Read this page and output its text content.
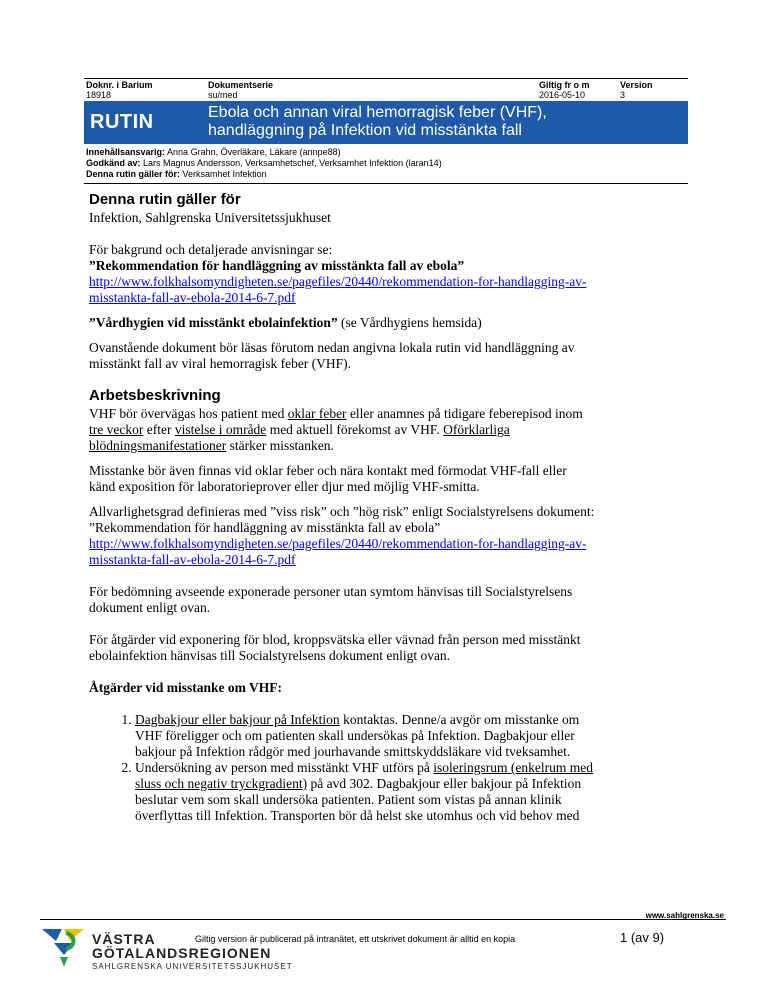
Doknr. i Barium
18918
Dokumentserie
su/med
Giltig fr o m
2016-05-10
Version
3
RUTIN	Ebola och annan viral hemorragisk feber (VHF),
handläggning på Infektion vid misstänkta fall
Innehållsansvarig: Anna Grahn, Överläkare, Läkare (annpe88)
Godkänd av: Lars Magnus Andersson, Verksamhetschef, Verksamhet Infektion (laran14)
Denna rutin gäller för: Verksamhet Infektion
Denna rutin gäller för

Infektion, Sahlgrenska Universitetssjukhuset

För bakgrund och detaljerade anvisningar se:

”Rekommendation för handläggning av misstänkta fall av ebola”

http://www.folkhalsomyndigheten.se/pagefiles/20440/rekommendation-for-handlagging-av-
misstankta-fall-av-ebola-2014-6-7.pdf

”Vårdhygien vid misstänkt ebolainfektion” (se Vårdhygiens hemsida)

Ovanstående dokument bör läsas förutom nedan angivna lokala rutin vid handläggning av
misstänkt fall av viral hemorragisk feber (VHF).

Arbetsbeskrivning

VHF bör övervägas hos patient med oklar feber eller anamnes på tidigare feberepisod inom
tre veckor efter vistelse i område med aktuell förekomst av VHF. Oförklarliga
blödningsmanifestationer stärker misstanken.

Misstanke bör även finnas vid oklar feber och nära kontakt med förmodat VHF-fall eller
känd exposition för laboratorieprover eller djur med möjlig VHF-smitta.

Allvarlighetsgrad definieras med ”viss risk” och ”hög risk” enligt Socialstyrelsens dokument:
”Rekommendation för handläggning av misstänkta fall av ebola”
http://www.folkhalsomyndigheten.se/pagefiles/20440/rekommendation-for-handlagging-av-
misstankta-fall-av-ebola-2014-6-7.pdf

För bedömning avseende exponerade personer utan symtom hänvisas till Socialstyrelsens
dokument enligt ovan.

För åtgärder vid exponering för blod, kroppsvätska eller vävnad från person med misstänkt
ebolainfektion hänvisas till Socialstyrelsens dokument enligt ovan.

Åtgärder vid misstanke om VHF:

1. Dagbakjour eller bakjour på Infektion kontaktas. Denne/a avgör om misstanke om
VHF föreligger och om patienten skall undersökas på Infektion. Dagbakjour eller
bakjour på Infektion rådgör med jourhavande smittskyddsläkare vid tveksamhet.
2. Undersökning av person med misstänkt VHF utförs på isoleringsrum (enkelrum med
sluss och negativ tryckgradient) på avd 302. Dagbakjour eller bakjour på Infektion
beslutar vem som skall undersöka patienten. Patient som vistas på annan klinik
överflyttas till Infektion. Transporten bör då helst ske utomhus och vid behov med
www.sahlgrenska.se
VÄSTRA
GÖTALANDSREGIONEN
SAHLGRENSKA UNIVERSITETSSJUKHUSET
Giltig version är publicerad på intranätet, ett utskrivet dokument är alltid en kopia	1 (av 9)
